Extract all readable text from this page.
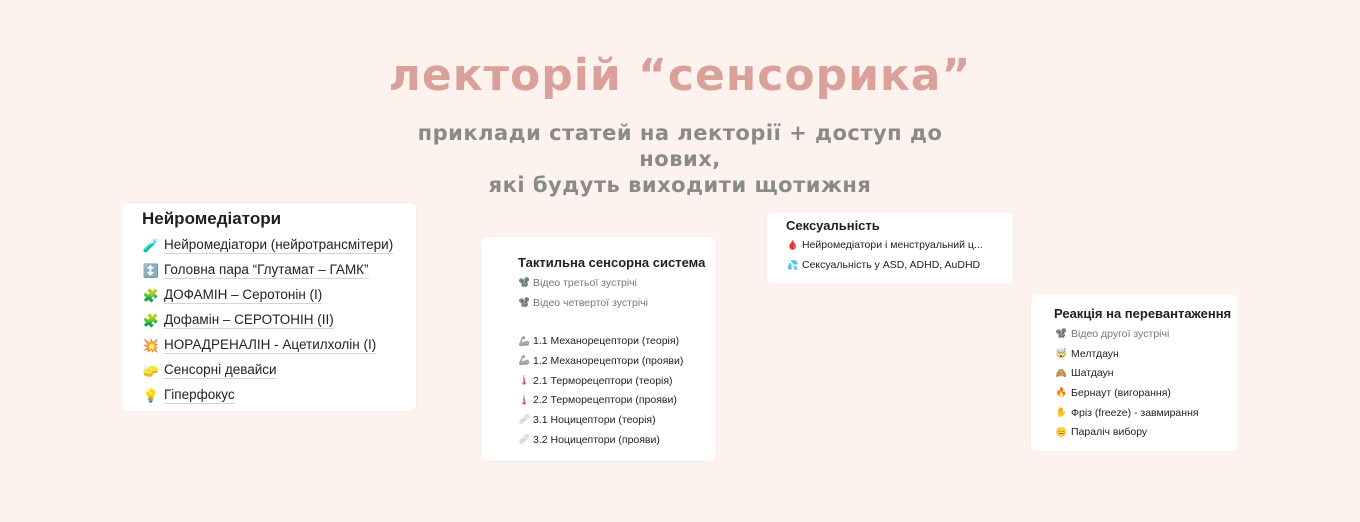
лекторій “сенсорика”
приклади статей на лекторії + доступ до нових,
які будуть виходити щотижня
Нейромедіатори
🧪 Нейромедіатори (нейротрансмітери)
↕️ Головна пара “Глутамат – ГАМК”
🧩 ДОФАМІН – Серотонін (I)
🧩 Дофамін – СЕРОТОНІН (II)
💥 НОРАДРЕНАЛІН - Ацетилхолін (I)
🧽 Сенсорні девайси
💡 Гіперфокус
Тактильна сенсорна система
📽️ Відео третьої зустрічі
📽️ Відео четвертої зустрічі
🦾 1.1 Механорецептори (теорія)
🦾 1.2 Механорецептори (прояви)
🌡️ 2.1 Терморецептори (теорія)
🌡️ 2.2 Терморецептори (прояви)
🩹 3.1 Ноцицептори (теорія)
🩹 3.2 Ноцицептори (прояви)
Сексуальність
🩸 Нейромедіатори і менструальний ц...
💦 Сексуальність у ASD, ADHD, AuDHD
Реакція на перевантаження
📽️ Відео другої зустрічі
🤯 Мелтдаун
🙈 Шатдаун
🔥 Бернаут (вигорання)
✋ Фріз (freeze) - завмирання
😑 Параліч вибору
